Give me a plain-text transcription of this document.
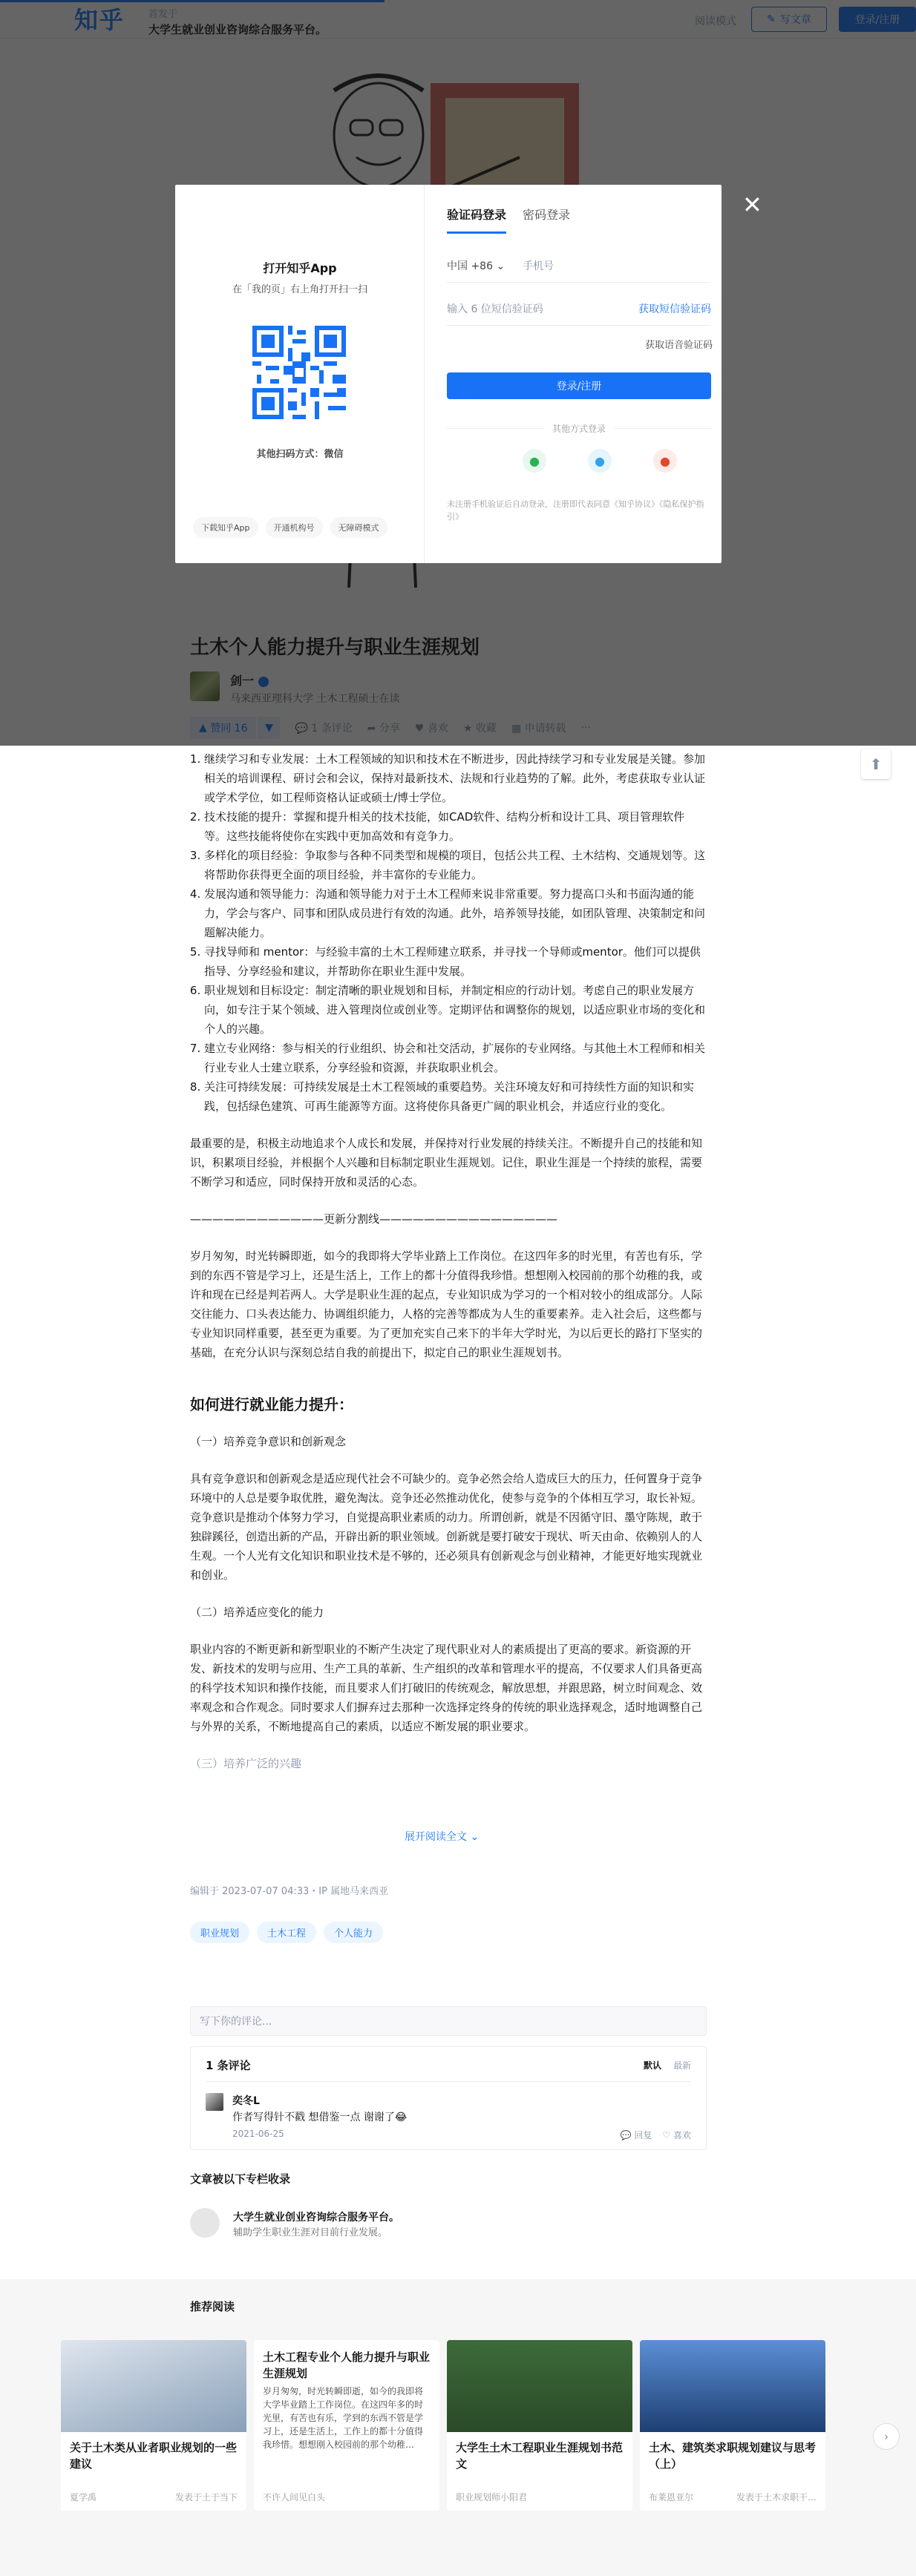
✕
打开知乎App
在「我的页」右上角打开扫一扫
其他扫码方式：微信
下载知乎App	开通机构号	无障碍模式
验证码登录 密码登录
中国 +86 ⌄ 手机号
输入 6 位短信验证码	获取短信验证码
获取语音验证码
登录/注册
其他方式登录
●	●	●
未注册手机验证后自动登录，注册即代表同意《知乎协议》《隐私保护指引》
⬆
1. 继续学习和专业发展：土木工程领域的知识和技术在不断进步，因此持续学习和专业发展是关键。参加相关的培训课程、研讨会和会议，保持对最新技术、法规和行业趋势的了解。此外，考虑获取专业认证或学术学位，如工程师资格认证或硕士/博士学位。
2. 技术技能的提升：掌握和提升相关的技术技能，如CAD软件、结构分析和设计工具、项目管理软件等。这些技能将使你在实践中更加高效和有竞争力。
3. 多样化的项目经验：争取参与各种不同类型和规模的项目，包括公共工程、土木结构、交通规划等。这将帮助你获得更全面的项目经验，并丰富你的专业能力。
4. 发展沟通和领导能力：沟通和领导能力对于土木工程师来说非常重要。努力提高口头和书面沟通的能力，学会与客户、同事和团队成员进行有效的沟通。此外，培养领导技能，如团队管理、决策制定和问题解决能力。
5. 寻找导师和 mentor：与经验丰富的土木工程师建立联系，并寻找一个导师或mentor。他们可以提供指导、分享经验和建议，并帮助你在职业生涯中发展。
6. 职业规划和目标设定：制定清晰的职业规划和目标，并制定相应的行动计划。考虑自己的职业发展方向，如专注于某个领域、进入管理岗位或创业等。定期评估和调整你的规划，以适应职业市场的变化和个人的兴趣。
7. 建立专业网络：参与相关的行业组织、协会和社交活动，扩展你的专业网络。与其他土木工程师和相关行业专业人士建立联系，分享经验和资源，并获取职业机会。
8. 关注可持续发展：可持续发展是土木工程领域的重要趋势。关注环境友好和可持续性方面的知识和实践，包括绿色建筑、可再生能源等方面。这将使你具备更广阔的职业机会，并适应行业的变化。

最重要的是，积极主动地追求个人成长和发展，并保持对行业发展的持续关注。不断提升自己的技能和知识，积累项目经验，并根据个人兴趣和目标制定职业生涯规划。记住，职业生涯是一个持续的旅程，需要不断学习和适应，同时保持开放和灵活的心态。

————————————更新分割线————————————————

岁月匆匆，时光转瞬即逝，如今的我即将大学毕业踏上工作岗位。在这四年多的时光里，有苦也有乐，学到的东西不管是学习上，还是生活上，工作上的都十分值得我珍惜。想想刚入校园前的那个幼稚的我，或许和现在已经是判若两人。大学是职业生涯的起点，专业知识成为学习的一个相对较小的组成部分。人际交往能力、口头表达能力、协调组织能力，人格的完善等都成为人生的重要素养。走入社会后，这些都与专业知识同样重要，甚至更为重要。为了更加充实自己来下的半年大学时光，为以后更长的路打下坚实的基础，在充分认识与深刻总结自我的前提出下，拟定自己的职业生涯规划书。

如何进行就业能力提升：
（一）培养竞争意识和创新观念

具有竞争意识和创新观念是适应现代社会不可缺少的。竞争必然会给人造成巨大的压力，任何置身于竞争环境中的人总是要争取优胜，避免淘汰。竞争还必然推动优化，使参与竞争的个体相互学习，取长补短。竞争意识是推动个体努力学习，自觉提高职业素质的动力。所谓创新，就是不因循守旧、墨守陈规，敢于独辟蹊径，创造出新的产品，开辟出新的职业领域。创新就是要打破安于现状、听天由命、依赖别人的人生观。一个人光有文化知识和职业技术是不够的，还必须具有创新观念与创业精神，才能更好地实现就业和创业。

（二）培养适应变化的能力

职业内容的不断更新和新型职业的不断产生决定了现代职业对人的素质提出了更高的要求。新资源的开发、新技术的发明与应用、生产工具的革新、生产组织的改革和管理水平的提高，不仅要求人们具备更高的科学技术知识和操作技能，而且要求人们打破旧的传统观念，解放思想，并跟思路，树立时间观念、效率观念和合作观念。同时要求人们摒弃过去那种一次选择定终身的传统的职业选择观念，适时地调整自己与外界的关系，不断地提高自己的素质，以适应不断发展的职业要求。

（三）培养广泛的兴趣
展开阅读全文 ⌄
编辑于 2023-07-07 04:33・IP 属地马来西亚
职业规划	土木工程	个人能力
写下你的评论...
1 条评论	默认 最新
奕冬L
作者写得针不戳 想借鉴一点 谢谢了😂
2021-06-25	💬 回复 ♡ 喜欢
文章被以下专栏收录
大学生就业创业咨询综合服务平台。
辅助学生职业生涯对目前行业发展。
推荐阅读
关于土木类从业者职业规划的一些建议
夏学禹	发表于土于当下
土木工程专业个人能力提升与职业生涯规划
岁月匆匆，时光转瞬即逝，如今的我即将大学毕业踏上工作岗位。在这四年多的时光里，有苦也有乐，学到的东西不管是学习上，还是生活上，工作上的都十分值得我珍惜。想想刚入校园前的那个幼稚…
不许人间见白头
大学生土木工程职业生涯规划书范文
职业规划师小阳君
土木、建筑类求职规划建议与思考（上）
布莱恩亚尔	发表于土木求职干…
›
